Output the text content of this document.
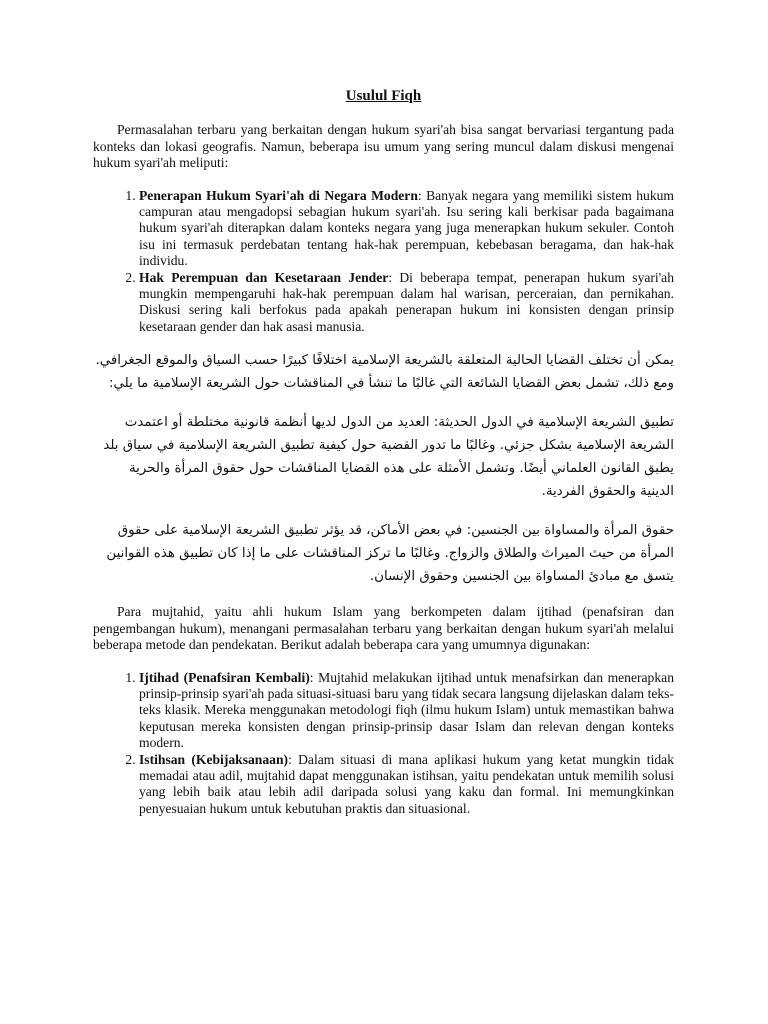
Usulul Fiqh

Permasalahan terbaru yang berkaitan dengan hukum syari'ah bisa sangat bervariasi tergantung pada konteks dan lokasi geografis. Namun, beberapa isu umum yang sering muncul dalam diskusi mengenai hukum syari'ah meliputi:

1. Penerapan Hukum Syari'ah di Negara Modern: Banyak negara yang memiliki sistem hukum campuran atau mengadopsi sebagian hukum syari'ah. Isu sering kali berkisar pada bagaimana hukum syari'ah diterapkan dalam konteks negara yang juga menerapkan hukum sekuler. Contoh isu ini termasuk perdebatan tentang hak-hak perempuan, kebebasan beragama, dan hak-hak individu.
2. Hak Perempuan dan Kesetaraan Jender: Di beberapa tempat, penerapan hukum syari'ah mungkin mempengaruhi hak-hak perempuan dalam hal warisan, perceraian, dan pernikahan. Diskusi sering kali berfokus pada apakah penerapan hukum ini konsisten dengan prinsip kesetaraan gender dan hak asasi manusia.

يمكن أن تختلف القضايا الحالية المتعلقة بالشريعة الإسلامية اختلافًا كبيرًا حسب السياق والموقع الجغرافي. ومع ذلك، تشمل بعض القضايا الشائعة التي غالبًا ما تنشأ في المناقشات حول الشريعة الإسلامية ما يلي:

تطبيق الشريعة الإسلامية في الدول الحديثة: العديد من الدول لديها أنظمة قانونية مختلطة أو اعتمدت الشريعة الإسلامية بشكل جزئي. وغالبًا ما تدور القضية حول كيفية تطبيق الشريعة الإسلامية في سياق بلد يطبق القانون العلماني أيضًا. وتشمل الأمثلة على هذه القضايا المناقشات حول حقوق المرأة والحرية الدينية والحقوق الفردية.

حقوق المرأة والمساواة بين الجنسين: في بعض الأماكن، قد يؤثر تطبيق الشريعة الإسلامية على حقوق المرأة من حيث الميراث والطلاق والزواج. وغالبًا ما تركز المناقشات على ما إذا كان تطبيق هذه القوانين يتسق مع مبادئ المساواة بين الجنسين وحقوق الإنسان.

Para mujtahid, yaitu ahli hukum Islam yang berkompeten dalam ijtihad (penafsiran dan pengembangan hukum), menangani permasalahan terbaru yang berkaitan dengan hukum syari'ah melalui beberapa metode dan pendekatan. Berikut adalah beberapa cara yang umumnya digunakan:

1. Ijtihad (Penafsiran Kembali): Mujtahid melakukan ijtihad untuk menafsirkan dan menerapkan prinsip-prinsip syari'ah pada situasi-situasi baru yang tidak secara langsung dijelaskan dalam teks-teks klasik. Mereka menggunakan metodologi fiqh (ilmu hukum Islam) untuk memastikan bahwa keputusan mereka konsisten dengan prinsip-prinsip dasar Islam dan relevan dengan konteks modern.
2. Istihsan (Kebijaksanaan): Dalam situasi di mana aplikasi hukum yang ketat mungkin tidak memadai atau adil, mujtahid dapat menggunakan istihsan, yaitu pendekatan untuk memilih solusi yang lebih baik atau lebih adil daripada solusi yang kaku dan formal. Ini memungkinkan penyesuaian hukum untuk kebutuhan praktis dan situasional.
